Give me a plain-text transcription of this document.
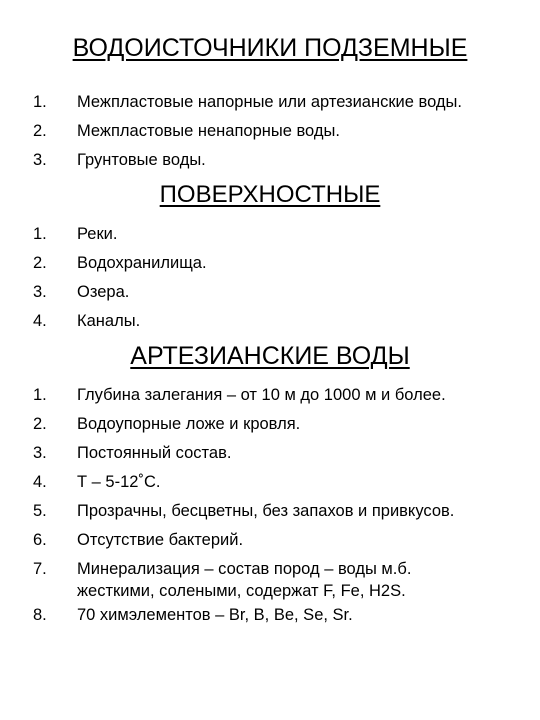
ВОДОИСТОЧНИКИ ПОДЗЕМНЫЕ
1.	Межпластовые напорные или артезианские воды.
2.	Межпластовые ненапорные воды.
3.	Грунтовые воды.
ПОВЕРХНОСТНЫЕ
1.	Реки.
2.	Водохранилища.
3.	Озера.
4.	Каналы.
АРТЕЗИАНСКИЕ ВОДЫ
1.	Глубина залегания – от 10 м до 1000 м и более.
2.	Водоупорные ложе и кровля.
3.	Постоянный состав.
4.	Т – 5-12˚С.
5.	Прозрачны, бесцветны, без запахов и привкусов.
6.	Отсутствие бактерий.
7.	Минерализация – состав пород – воды м.б.
жесткими, солеными, содержат F, Fe, H2S.
8.	70 химэлементов – Br, B, Be, Se, Sr.
